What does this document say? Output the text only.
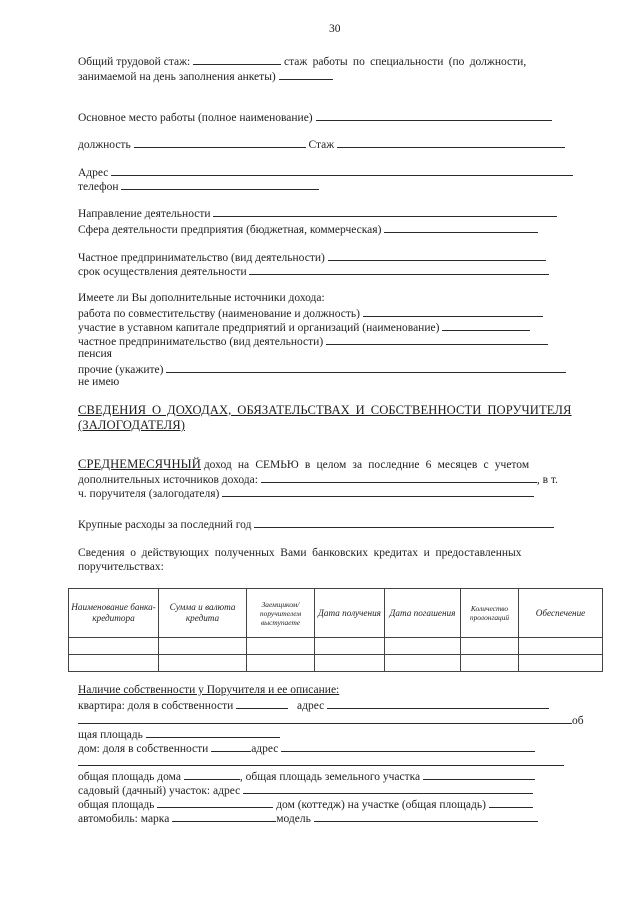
30
Общий трудовой стаж:	стаж работы по специальности (по должности,
занимаемой на день заполнения анкеты)
Основное место работы (полное наименование)
должность	Стаж
Адрес
телефон
Направление деятельности
Сфера деятельности предприятия (бюджетная, коммерческая)
Частное предпринимательство (вид деятельности)
срок осуществления деятельности
Имеете ли Вы дополнительные источники дохода:
работа по совместительству (наименование и должность)
участие в уставном капитале предприятий и организаций (наименование)
частное предпринимательство (вид деятельности)
пенсия
прочие (укажите)
не имею
СВЕДЕНИЯ О ДОХОДАХ, ОБЯЗАТЕЛЬСТВАХ И СОБСТВЕННОСТИ ПОРУЧИТЕЛЯ
(ЗАЛОГОДАТЕЛЯ)
СРЕДНЕМЕСЯЧНЫЙ доход на СЕМЬЮ в целом за последние 6 месяцев с учетом
дополнительных источников дохода:	, в т.
ч. поручителя (залогодателя)
Крупные расходы за последний год
Сведения о действующих полученных Вами банковских кредитах и предоставленных
поручительствах:
Наименование банка-кредитора	Сумма и валюта кредита	Заемщиком/ поручителем выступаете	Дата получения	Дата погашения	Количество пролонгаций	Обеспечение

Наличие собственности у Поручителя и ее описание:
квартира: доля в собственности	адрес
об
щая площадь
дом: доля в собственности	адрес
общая площадь дома	, общая площадь земельного участка
садовый (дачный) участок: адрес
общая площадь	дом (коттедж) на участке (общая площадь)
автомобиль: марка	модель
